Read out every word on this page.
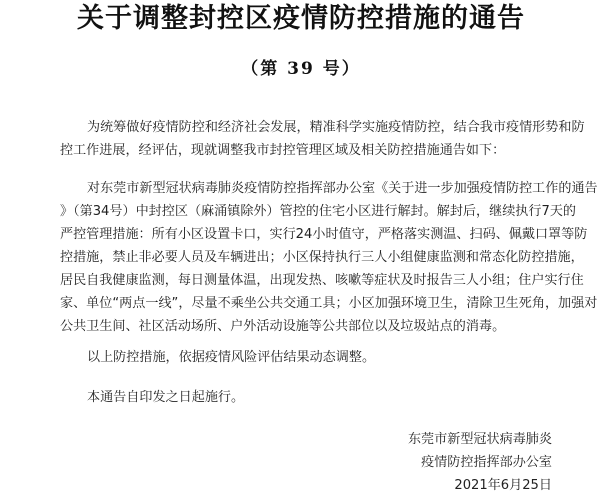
关于调整封控区疫情防控措施的通告

（第 39 号）

为统筹做好疫情防控和经济社会发展，精准科学实施疫情防控，结合我市疫情形势和防
控工作进展，经评估，现就调整我市封控管理区域及相关防控措施通告如下：

对东莞市新型冠状病毒肺炎疫情防控指挥部办公室《关于进一步加强疫情防控工作的通告
》（第34号）中封控区（麻涌镇除外）管控的住宅小区进行解封。解封后，继续执行7天的
严控管理措施：所有小区设置卡口，实行24小时值守，严格落实测温、扫码、佩戴口罩等防
控措施，禁止非必要人员及车辆进出；小区保持执行三人小组健康监测和常态化防控措施，
居民自我健康监测，每日测量体温，出现发热、咳嗽等症状及时报告三人小组；住户实行住
家、单位“两点一线”，尽量不乘坐公共交通工具；小区加强环境卫生，清除卫生死角，加强对
公共卫生间、社区活动场所、户外活动设施等公共部位以及垃圾站点的消毒。

以上防控措施，依据疫情风险评估结果动态调整。

本通告自印发之日起施行。

东莞市新型冠状病毒肺炎

疫情防控指挥部办公室

2021年6月25日
